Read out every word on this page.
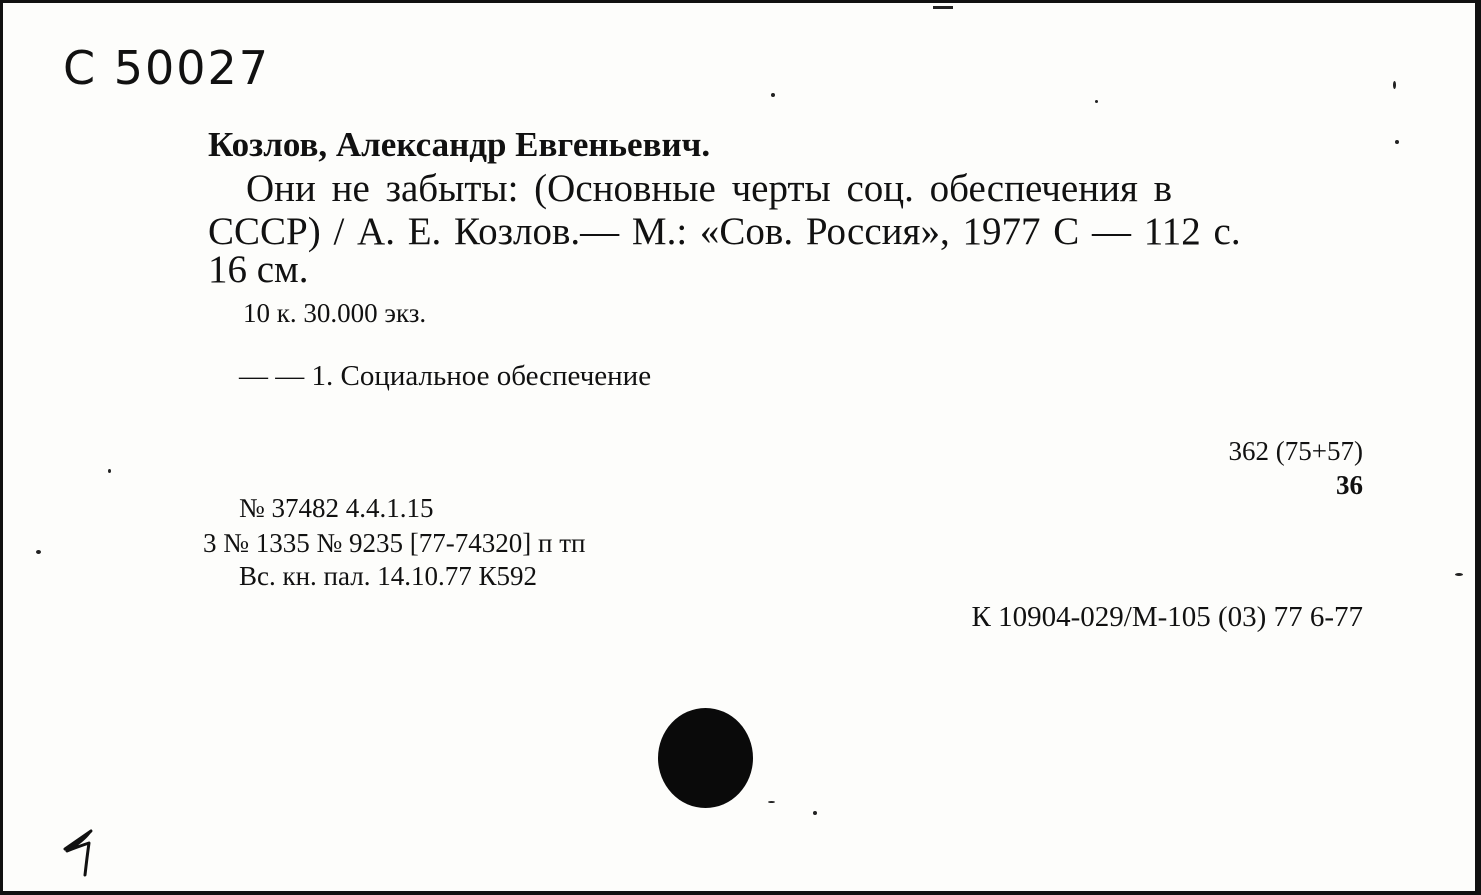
С 50027
Козлов, Александр Евгеньевич.
Они не забыты: (Основные черты соц. обеспечения в
СССР) / А. Е. Козлов.— М.: «Сов. Россия», 1977 С — 112 с.
16 см.
10 к. 30.000 экз.
— — 1. Социальное обеспечение
362 (75+57)
36
№ 37482 4.4.1.15
3 № 1335 № 9235 [77-74320] п тп
Вс. кн. пал. 14.10.77 К592
К 10904-029/М-105 (03) 77 6-77
